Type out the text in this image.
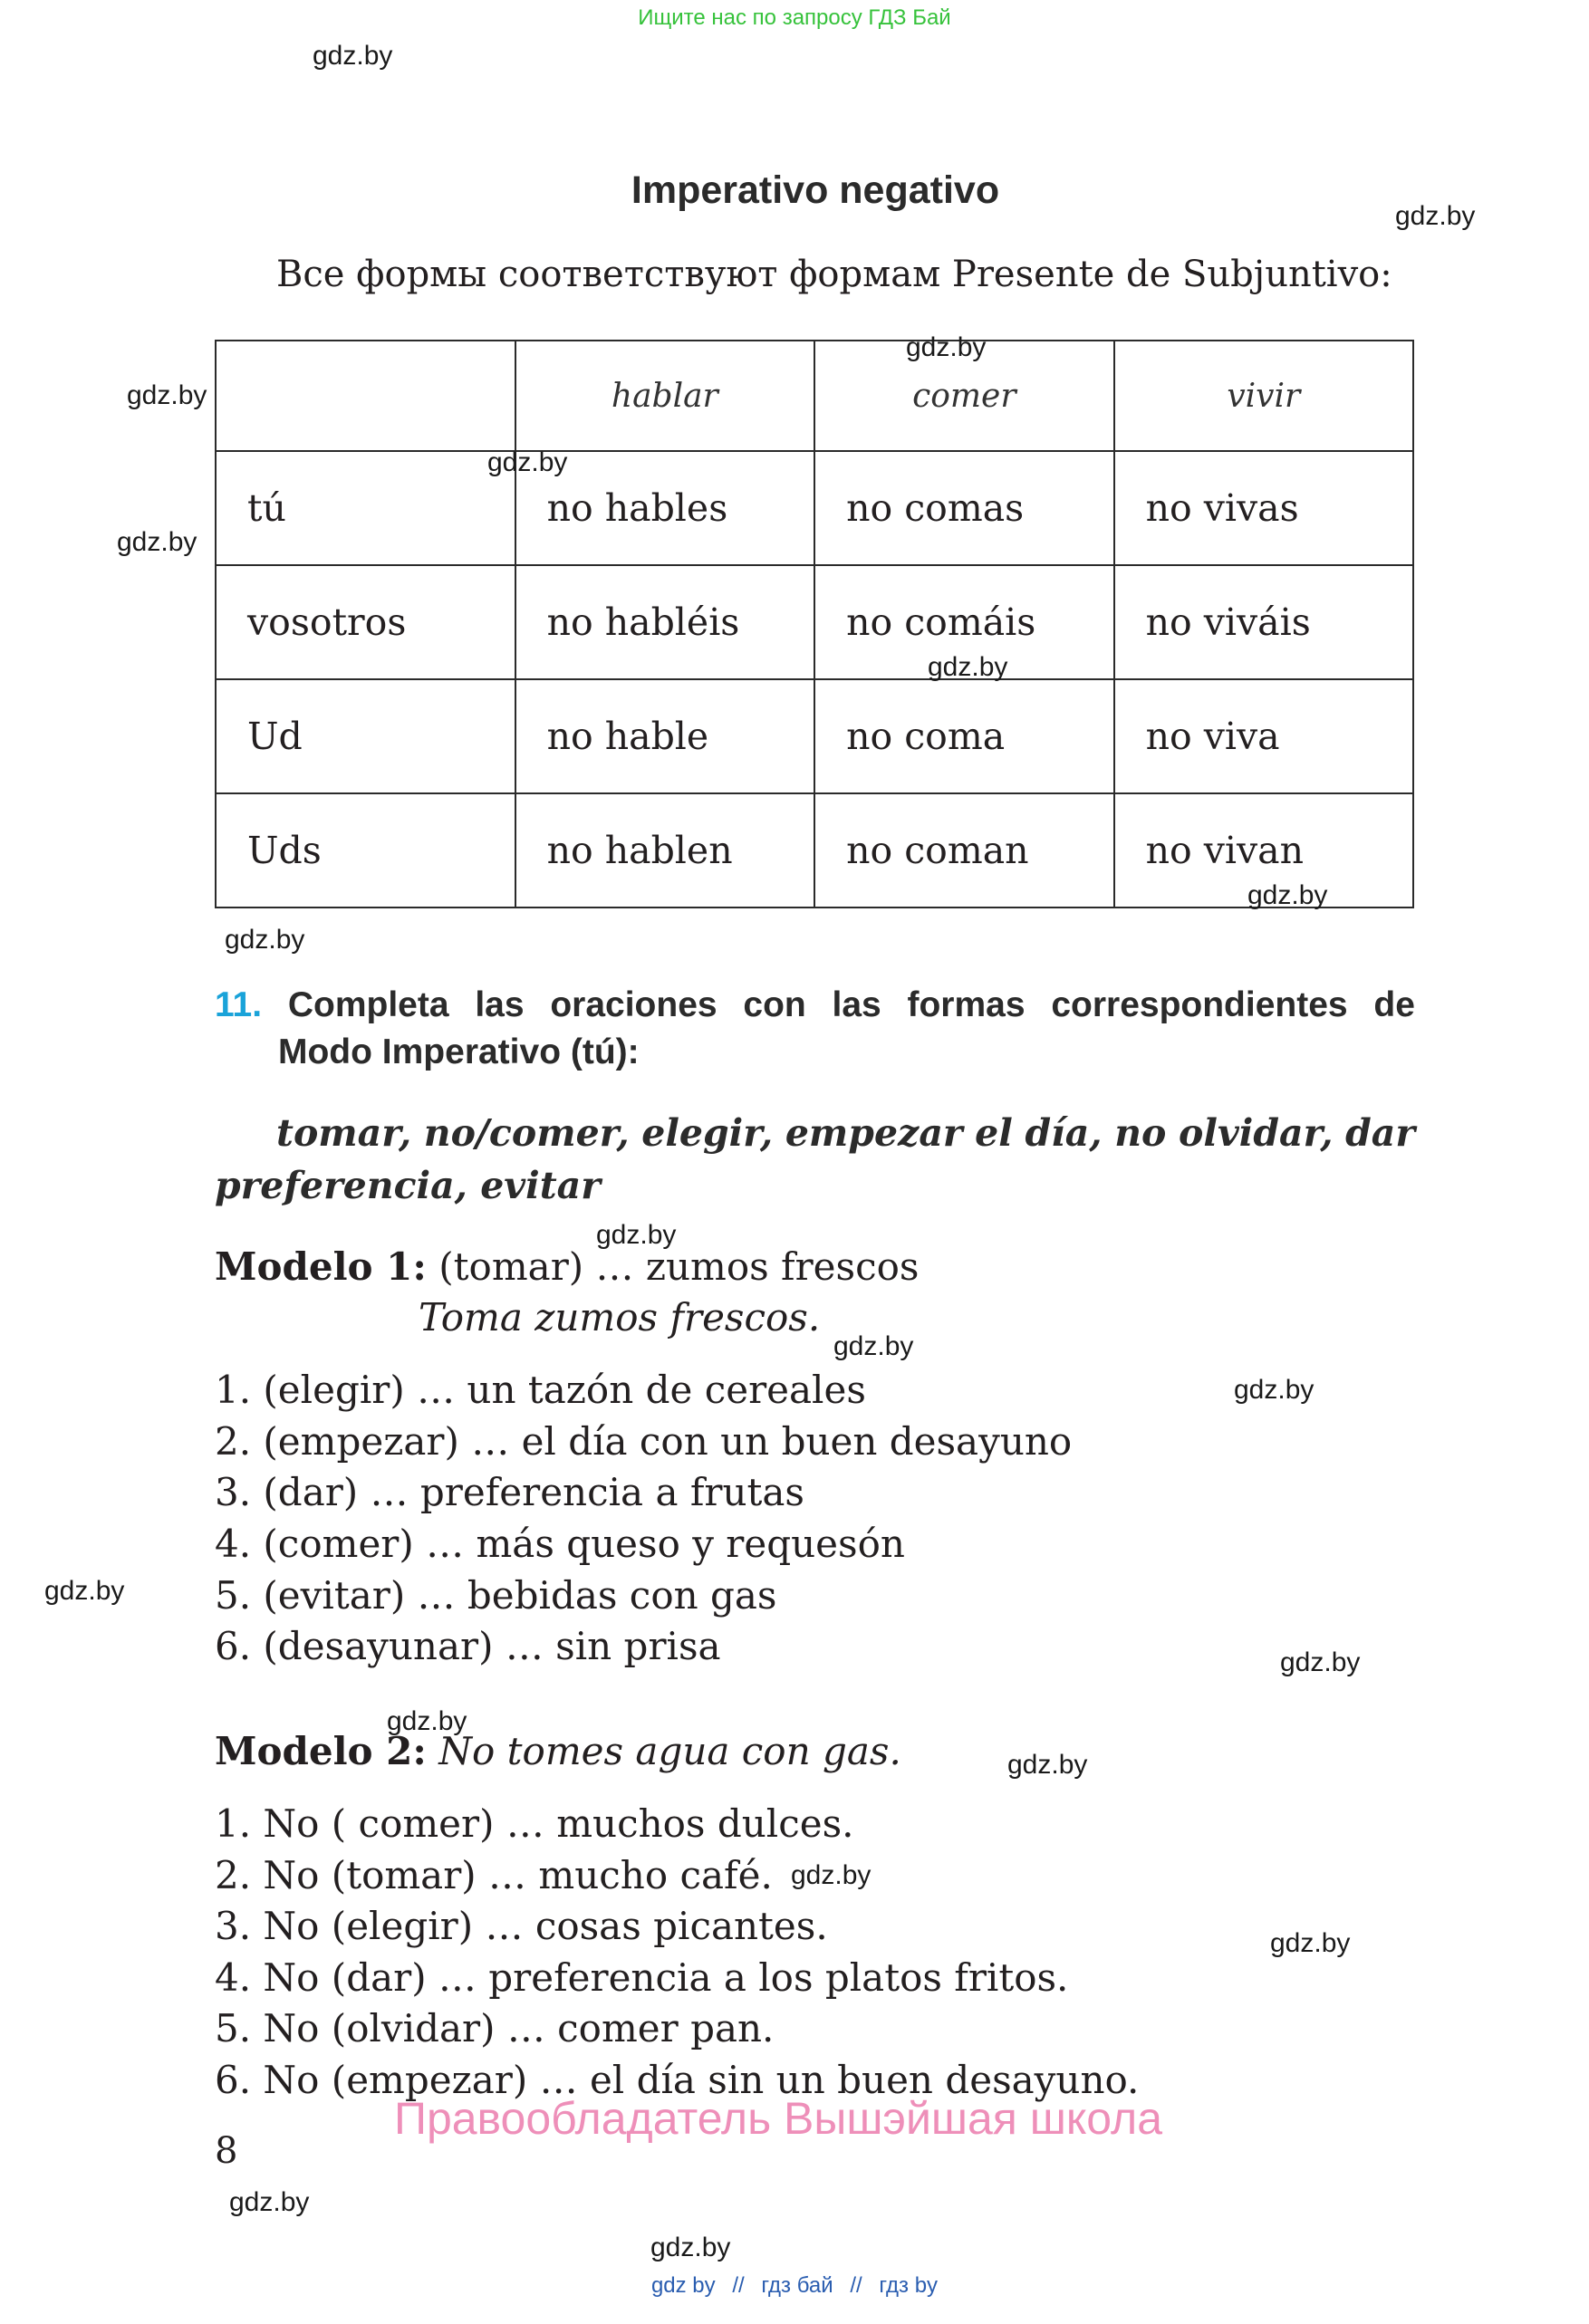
Ищите нас по запросу ГДЗ Бай
Imperativo negativo
Все формы соответствуют формам Presente de Subjuntivo:
	hablar	comer	vivir
tú	no hables	no comas	no vivas
vosotros	no habléis	no comáis	no viváis
Ud	no hable	no coma	no viva
Uds	no hablen	no coman	no vivan
11. Completa las oraciones con las formas correspondientes de
Modo Imperativo (tú):
tomar, no/comer, elegir, empezar el día, no olvidar, dar
preferencia, evitar
Modelo 1: (tomar) … zumos frescos
Toma zumos frescos.
1. (elegir) … un tazón de cereales
2. (empezar) … el día con un buen desayuno
3. (dar) … preferencia a frutas
4. (comer) … más queso y requesón
5. (evitar) … bebidas con gas
6. (desayunar) … sin prisa
Modelo 2: No tomes agua con gas.
1. No ( comer) … muchos dulces.
2. No (tomar) … mucho café.
3. No (elegir) … cosas picantes.
4. No (dar) … preferencia a los platos fritos.
5. No (olvidar) … comer pan.
6. No (empezar) … el día sin un buen desayuno.
Правообладатель Вышэйшая школа
8
gdz.by
gdz.by
gdz.by
gdz.by
gdz.by
gdz.by
gdz.by
gdz.by
gdz.by
gdz.by
gdz.by
gdz.by
gdz.by
gdz.by
gdz.by
gdz.by
gdz.by
gdz.by
gdz.by
gdz.by
gdz by // гдз бай // гдз by
